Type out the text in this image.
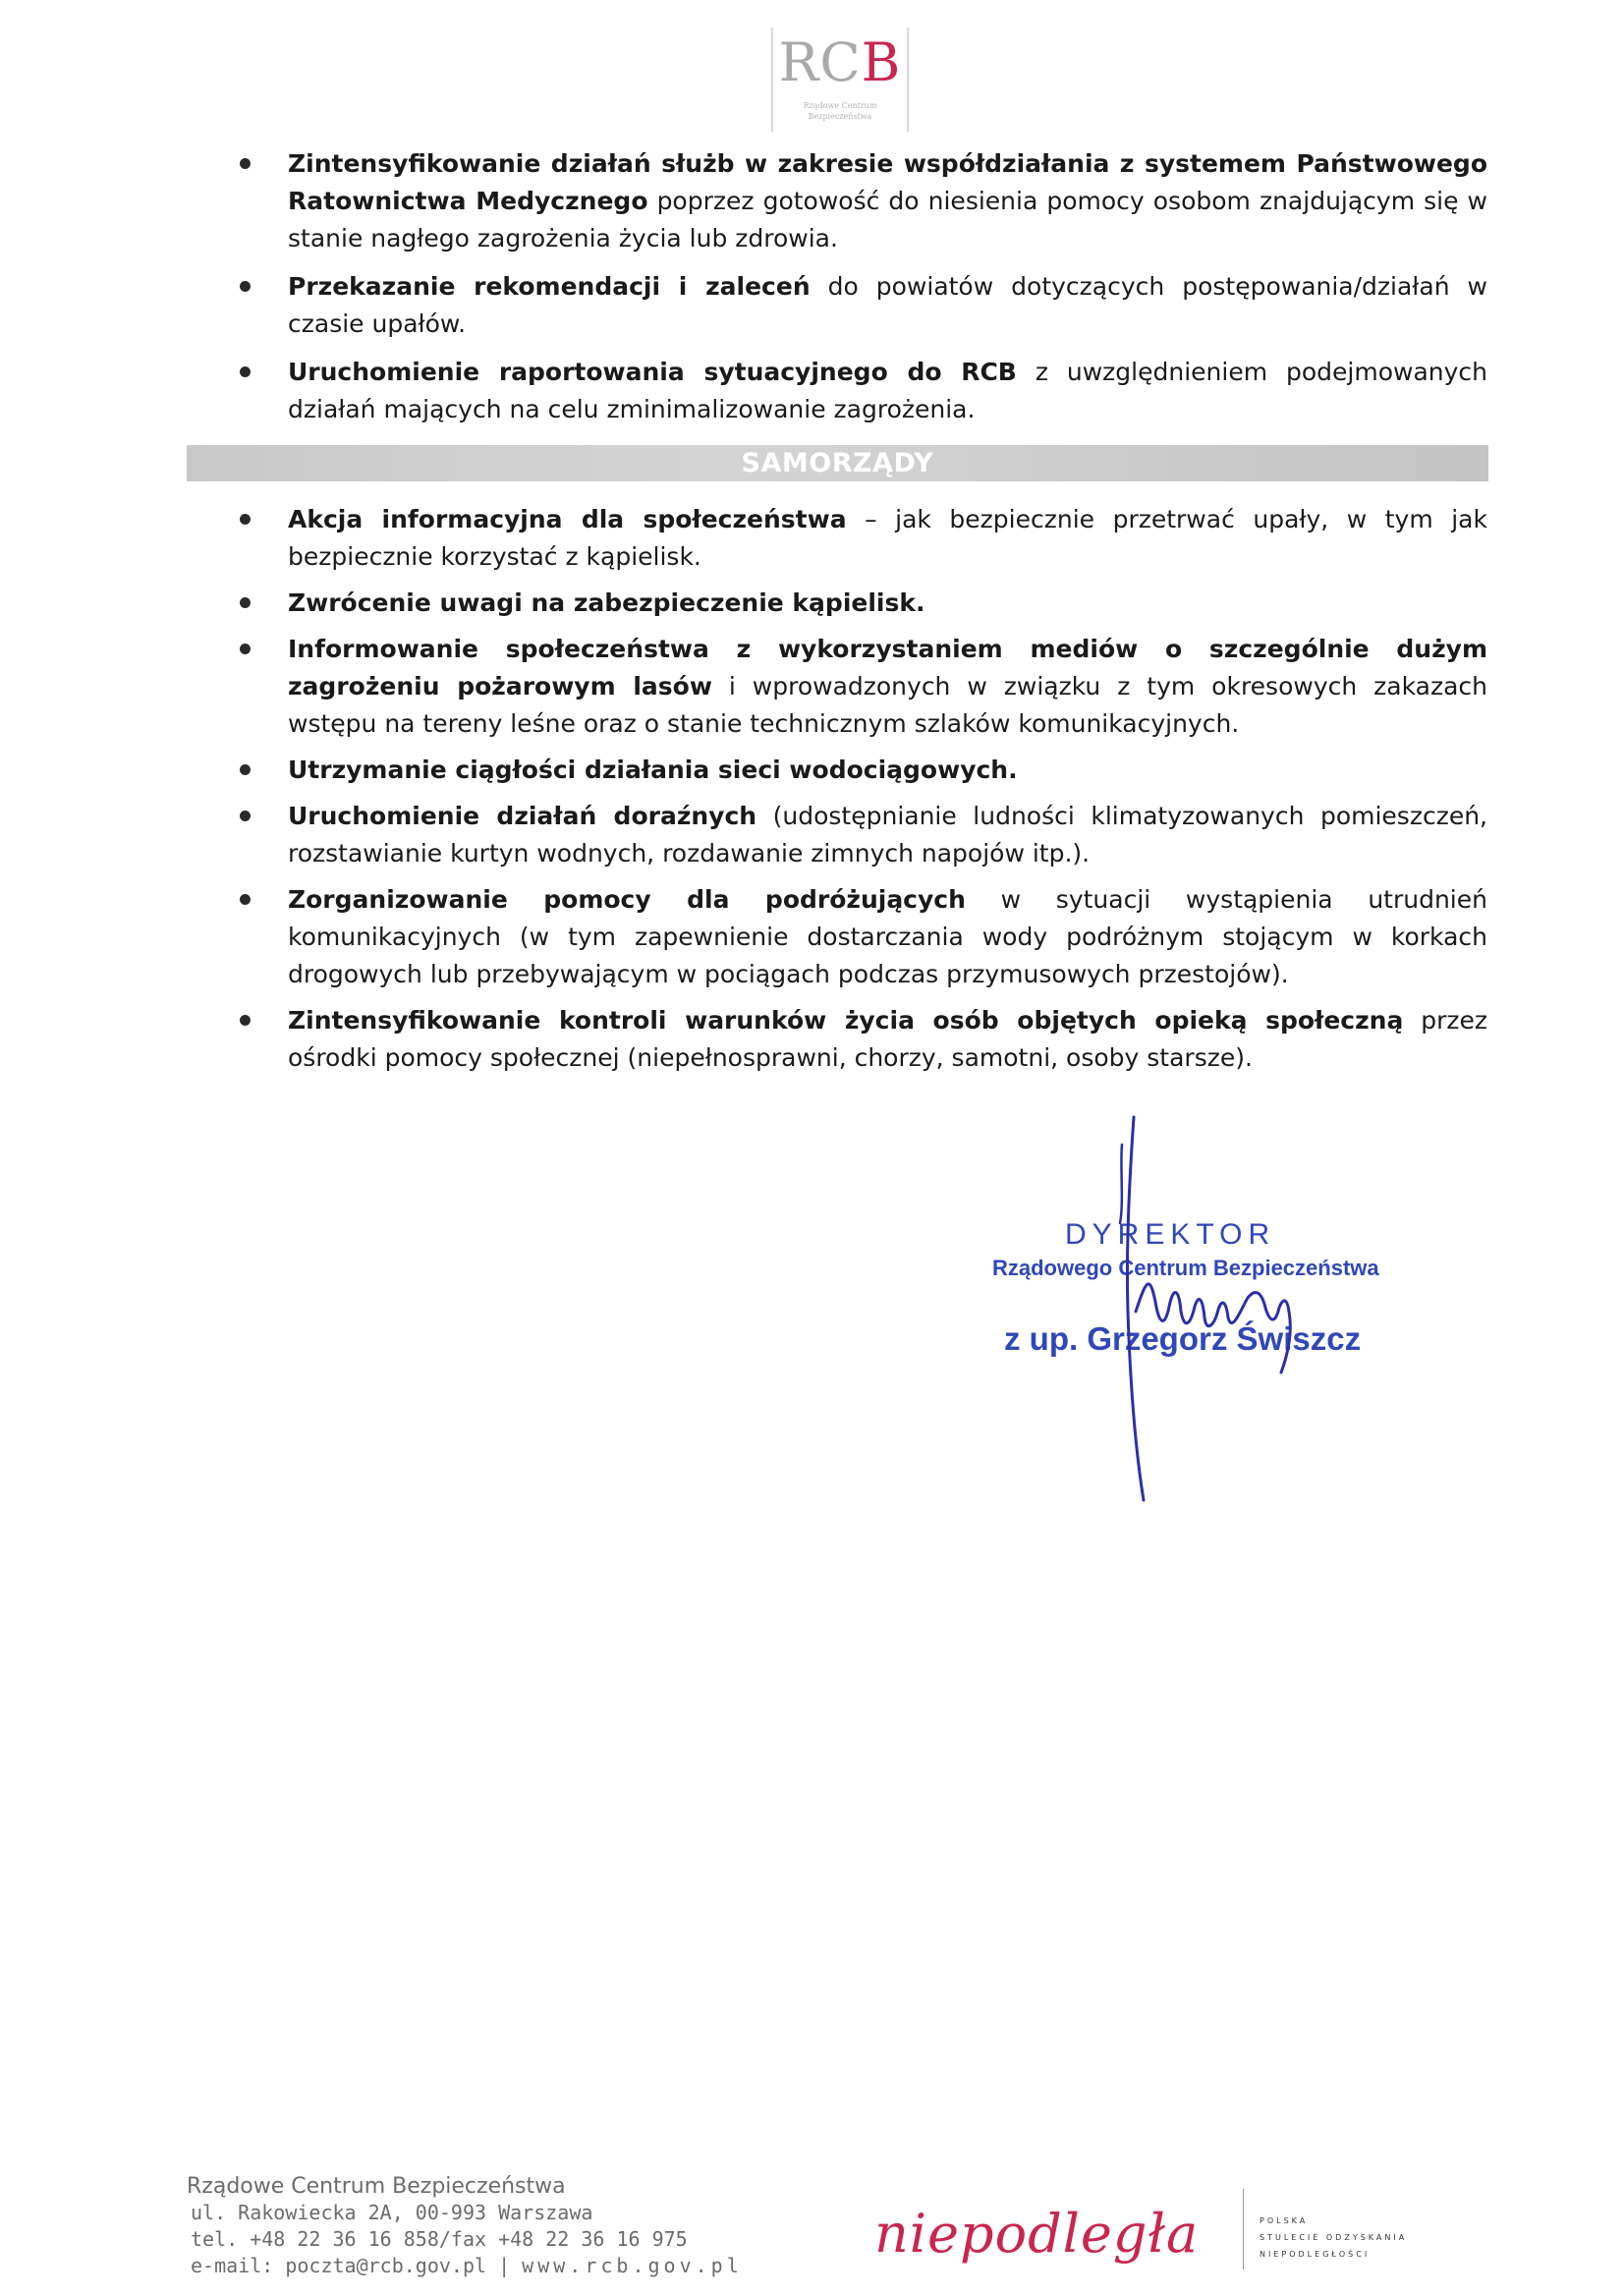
RCB
Rządowe Centrum
Bezpieczeństwa
Zintensyfikowanie działań służb w zakresie współdziałania z systemem Państwowego Ratownictwa Medycznego poprzez gotowość do niesienia pomocy osobom znajdującym się w stanie nagłego zagrożenia życia lub zdrowia.
Przekazanie rekomendacji i zaleceń do powiatów dotyczących postępowania/działań w czasie upałów.
Uruchomienie raportowania sytuacyjnego do RCB z uwzględnieniem podejmowanych działań mających na celu zminimalizowanie zagrożenia.
SAMORZĄDY
Akcja informacyjna dla społeczeństwa – jak bezpiecznie przetrwać upały, w tym jak bezpiecznie korzystać z kąpielisk.
Zwrócenie uwagi na zabezpieczenie kąpielisk.
Informowanie społeczeństwa z wykorzystaniem mediów o szczególnie dużym zagrożeniu pożarowym lasów i wprowadzonych w związku z tym okresowych zakazach wstępu na tereny leśne oraz o stanie technicznym szlaków komunikacyjnych.
Utrzymanie ciągłości działania sieci wodociągowych.
Uruchomienie działań doraźnych (udostępnianie ludności klimatyzowanych pomieszczeń, rozstawianie kurtyn wodnych, rozdawanie zimnych napojów itp.).
Zorganizowanie pomocy dla podróżujących w sytuacji wystąpienia utrudnień komunikacyjnych (w tym zapewnienie dostarczania wody podróżnym stojącym w korkach drogowych lub przebywającym w pociągach podczas przymusowych przestojów).
Zintensyfikowanie kontroli warunków życia osób objętych opieką społeczną przez ośrodki pomocy społecznej (niepełnosprawni, chorzy, samotni, osoby starsze).
DYREKTOR
Rządowego Centrum Bezpieczeństwa
z up. Grzegorz Świszcz
Rządowe Centrum Bezpieczeństwa
ul. Rakowiecka 2A, 00-993 Warszawa
tel. +48 22 36 16 858/fax +48 22 36 16 975
e-mail: poczta@rcb.gov.pl | www.rcb.gov.pl
niepodległa	POLSKA
STULECIE ODZYSKANIA
NIEPODLEGŁOŚCI
